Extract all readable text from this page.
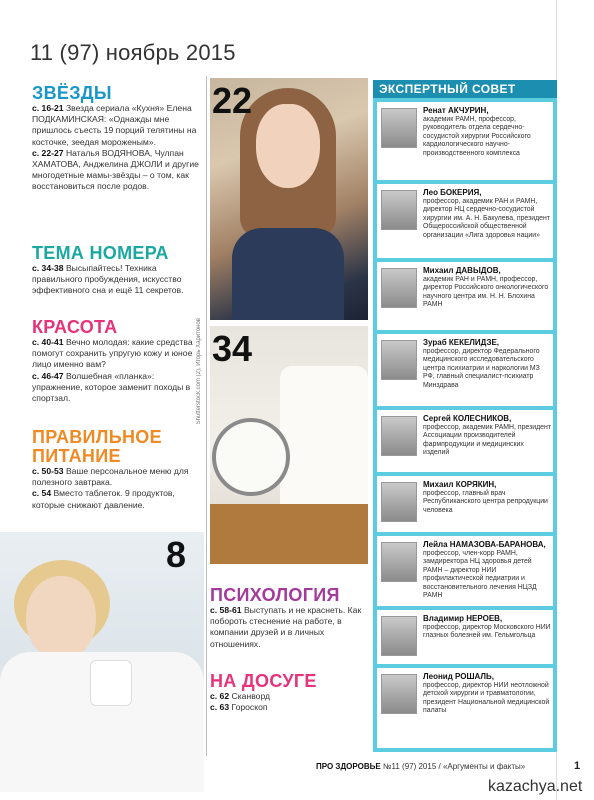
11 (97) ноябрь 2015
ЗВЁЗДЫ
с. 16-21 Звезда сериала «Кухня» Елена ПОДКАМИНСКАЯ: «Однажды мне пришлось съесть 19 порций телятины на косточке, зеедая мороженым».
с. 22-27 Наталья ВОДЯНОВА, Чулпан ХАМАТОВА, Анджелина ДЖОЛИ и другие многодетные мамы-звёзды – о том, как восстановиться после родов.
ТЕМА НОМЕРА
с. 34-38 Высыпайтесь! Техника правильного пробуждения, искусство эффективного сна и ещё 11 секретов.
КРАСОТА
с. 40-41 Вечно молодая: какие средства помогут сохранить упругую кожу и юное лицо именно вам?
с. 46-47 Волшебная «планка»: упражнение, которое заменит походы в спортзал.
ПРАВИЛЬНОЕ
ПИТАНИЕ
с. 50-53 Ваше персональное меню для полезного завтрака.
с. 54 Вместо таблеток. 9 продуктов, которые снижают давление.
22
34
Shutterstock.com (2), Игорь Харитонов
8
ПСИХОЛОГИЯ
с. 58-61 Выступать и не краснеть. Как побороть стеснение на работе, в компании друзей и в личных отношениях.
НА ДОСУГЕ
с. 62 Сканворд
с. 63 Гороскоп
ЭКСПЕРТНЫЙ СОВЕТ
Ренат АКЧУРИН,
академик РАМН, профессор, руководитель отдела сердечно-сосудистой хирургии Российского кардиологического научно-производственного комплекса
Лео БОКЕРИЯ,
профессор, академик РАН и РАМН, директор НЦ сердечно-сосудистой хирургии им. А. Н. Бакулева, президент Общероссийской общественной организации «Лига здоровья нации»
Михаил ДАВЫДОВ,
академик РАН и РАМН, профессор, директор Российского онкологического научного центра им. Н. Н. Блохина РАМН
Зураб КЕКЕЛИДЗЕ,
профессор, директор Федерального медицинского исследовательского центра психиатрии и наркологии МЗ РФ, главный специалист-психиатр Минздрава
Сергей КОЛЕСНИКОВ,
профессор, академик РАМН, президент Ассоциации производителей фармпродукции и медицинских изделий
Михаил КОРЯКИН,
профессор, главный врач Республиканского центра репродукции человека
Лейла НАМАЗОВА-БАРАНОВА,
профессор, член-корр РАМН, замдиректора НЦ здоровья детей РАМН – директор НИИ профилактической педиатрии и восстановительного лечения НЦЗД РАМН
Владимир НЕРОЕВ,
профессор, директор Московского НИИ глазных болезней им. Гельмгольца
Леонид РОШАЛЬ,
профессор, директор НИИ неотложной детской хирургии и травматологии, президент Национальной медицинской палаты
ПРО ЗДОРОВЬЕ №11 (97) 2015 / «Аргументы и факты»	1
kazachya.net
